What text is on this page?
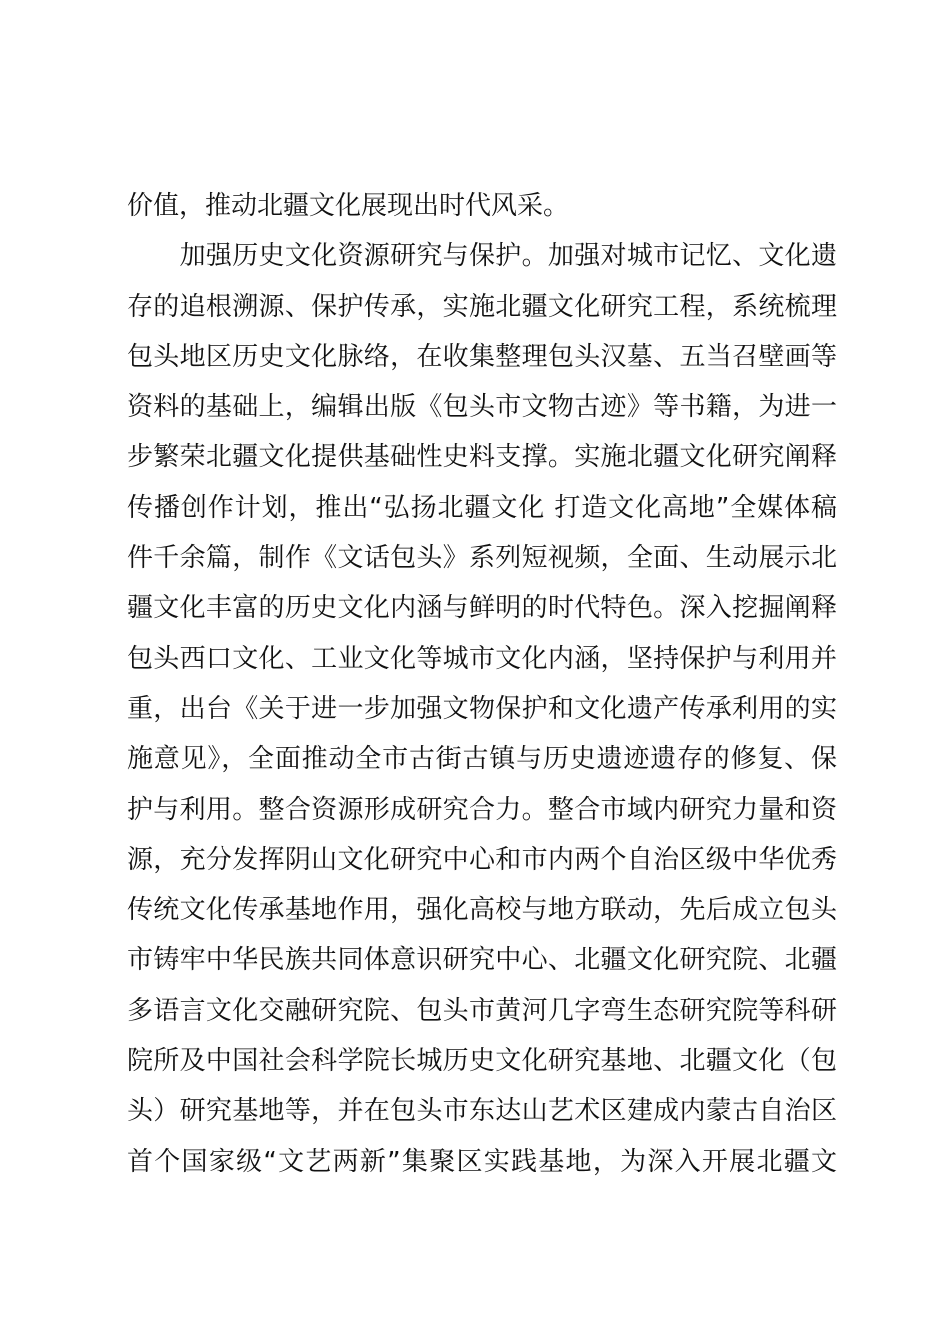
价值，推动北疆文化展现出时代风采。
　　加强历史文化资源研究与保护。加强对城市记忆、文化遗
存的追根溯源、保护传承，实施北疆文化研究工程，系统梳理
包头地区历史文化脉络，在收集整理包头汉墓、五当召壁画等
资料的基础上，编辑出版《包头市文物古迹》等书籍，为进一
步繁荣北疆文化提供基础性史料支撑。实施北疆文化研究阐释
传播创作计划，推出“弘扬北疆文化 打造文化高地”全媒体稿
件千余篇，制作《文话包头》系列短视频，全面、生动展示北
疆文化丰富的历史文化内涵与鲜明的时代特色。深入挖掘阐释
包头西口文化、工业文化等城市文化内涵，坚持保护与利用并
重，出台《关于进一步加强文物保护和文化遗产传承利用的实
施意见》，全面推动全市古街古镇与历史遗迹遗存的修复、保
护与利用。整合资源形成研究合力。整合市域内研究力量和资
源，充分发挥阴山文化研究中心和市内两个自治区级中华优秀
传统文化传承基地作用，强化高校与地方联动，先后成立包头
市铸牢中华民族共同体意识研究中心、北疆文化研究院、北疆
多语言文化交融研究院、包头市黄河几字弯生态研究院等科研
院所及中国社会科学院长城历史文化研究基地、北疆文化（包
头）研究基地等，并在包头市东达山艺术区建成内蒙古自治区
首个国家级“文艺两新”集聚区实践基地，为深入开展北疆文
